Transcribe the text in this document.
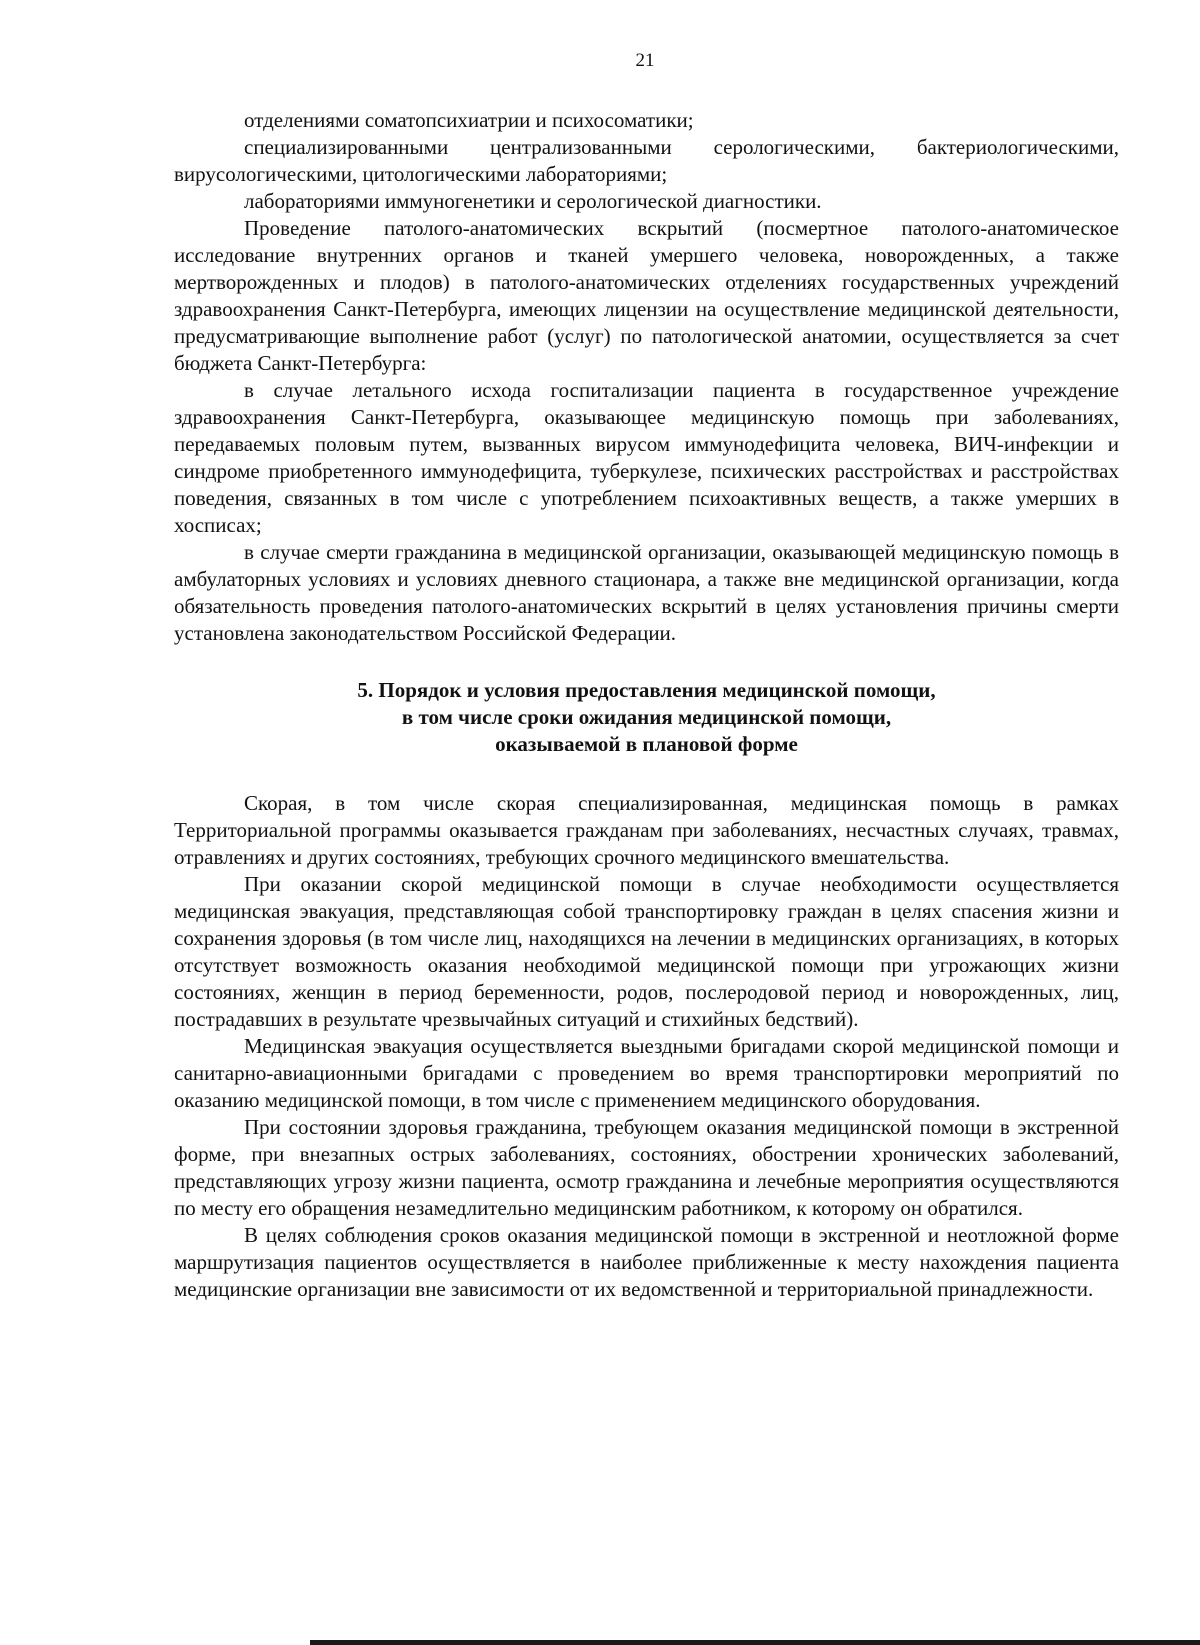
21

отделениями соматопсихиатрии и психосоматики;

специализированными централизованными серологическими, бактериологическими, вирусологическими, цитологическими лабораториями;

лабораториями иммуногенетики и серологической диагностики.

Проведение патолого-анатомических вскрытий (посмертное патолого-анатомическое исследование внутренних органов и тканей умершего человека, новорожденных, а также мертворожденных и плодов) в патолого-анатомических отделениях государственных учреждений здравоохранения Санкт-Петербурга, имеющих лицензии на осуществление медицинской деятельности, предусматривающие выполнение работ (услуг) по патологической анатомии, осуществляется за счет бюджета Санкт-Петербурга:

в случае летального исхода госпитализации пациента в государственное учреждение здравоохранения Санкт-Петербурга, оказывающее медицинскую помощь при заболеваниях, передаваемых половым путем, вызванных вирусом иммунодефицита человека, ВИЧ-инфекции и синдроме приобретенного иммунодефицита, туберкулезе, психических расстройствах и расстройствах поведения, связанных в том числе с употреблением психоактивных веществ, а также умерших в хосписах;

в случае смерти гражданина в медицинской организации, оказывающей медицинскую помощь в амбулаторных условиях и условиях дневного стационара, а также вне медицинской организации, когда обязательность проведения патолого-анатомических вскрытий в целях установления причины смерти установлена законодательством Российской Федерации.

5. Порядок и условия предоставления медицинской помощи,
в том числе сроки ожидания медицинской помощи,
оказываемой в плановой форме

Скорая, в том числе скорая специализированная, медицинская помощь в рамках Территориальной программы оказывается гражданам при заболеваниях, несчастных случаях, травмах, отравлениях и других состояниях, требующих срочного медицинского вмешательства.

При оказании скорой медицинской помощи в случае необходимости осуществляется медицинская эвакуация, представляющая собой транспортировку граждан в целях спасения жизни и сохранения здоровья (в том числе лиц, находящихся на лечении в медицинских организациях, в которых отсутствует возможность оказания необходимой медицинской помощи при угрожающих жизни состояниях, женщин в период беременности, родов, послеродовой период и новорожденных, лиц, пострадавших в результате чрезвычайных ситуаций и стихийных бедствий).

Медицинская эвакуация осуществляется выездными бригадами скорой медицинской помощи и санитарно-авиационными бригадами с проведением во время транспортировки мероприятий по оказанию медицинской помощи, в том числе с применением медицинского оборудования.

При состоянии здоровья гражданина, требующем оказания медицинской помощи в экстренной форме, при внезапных острых заболеваниях, состояниях, обострении хронических заболеваний, представляющих угрозу жизни пациента, осмотр гражданина и лечебные мероприятия осуществляются по месту его обращения незамедлительно медицинским работником, к которому он обратился.

В целях соблюдения сроков оказания медицинской помощи в экстренной и неотложной форме маршрутизация пациентов осуществляется в наиболее приближенные к месту нахождения пациента медицинские организации вне зависимости от их ведомственной и территориальной принадлежности.
